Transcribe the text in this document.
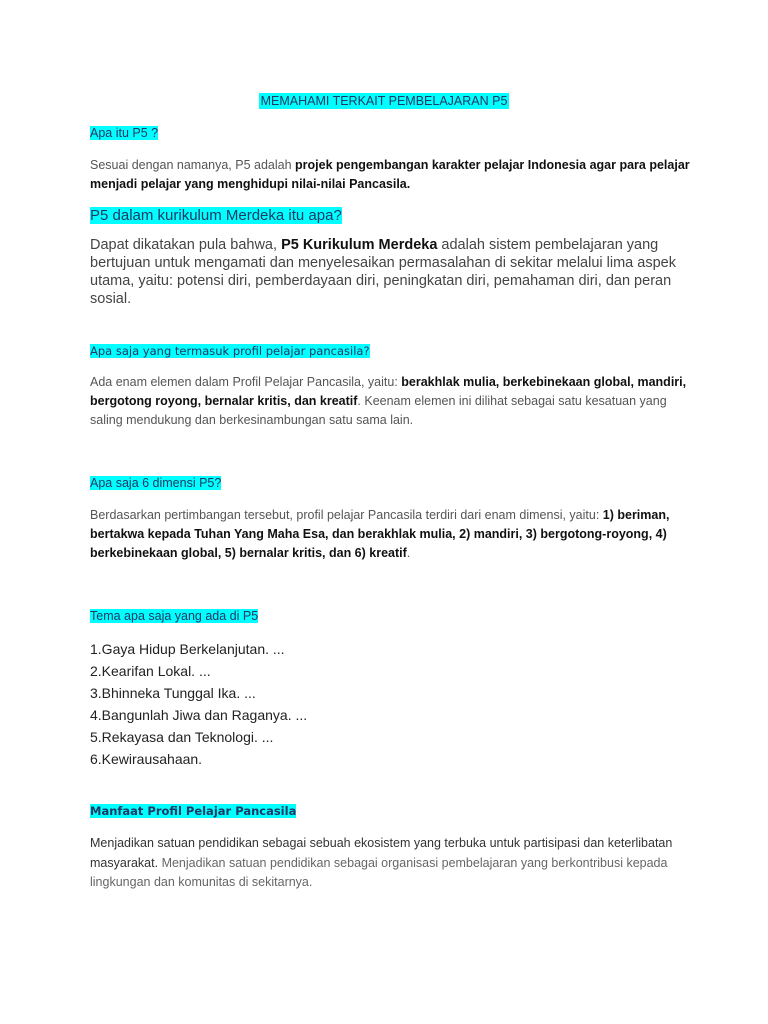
MEMAHAMI TERKAIT PEMBELAJARAN P5
Apa itu P5 ?
Sesuai dengan namanya, P5 adalah projek pengembangan karakter pelajar Indonesia agar para pelajar menjadi pelajar yang menghidupi nilai-nilai Pancasila.
P5 dalam kurikulum Merdeka itu apa?
Dapat dikatakan pula bahwa, P5 Kurikulum Merdeka adalah sistem pembelajaran yang bertujuan untuk mengamati dan menyelesaikan permasalahan di sekitar melalui lima aspek utama, yaitu: potensi diri, pemberdayaan diri, peningkatan diri, pemahaman diri, dan peran sosial.
Apa saja yang termasuk profil pelajar pancasila?
Ada enam elemen dalam Profil Pelajar Pancasila, yaitu: berakhlak mulia, berkebinekaan global, mandiri, bergotong royong, bernalar kritis, dan kreatif. Keenam elemen ini dilihat sebagai satu kesatuan yang saling mendukung dan berkesinambungan satu sama lain.
Apa saja 6 dimensi P5?
Berdasarkan pertimbangan tersebut, profil pelajar Pancasila terdiri dari enam dimensi, yaitu: 1) beriman, bertakwa kepada Tuhan Yang Maha Esa, dan berakhlak mulia, 2) mandiri, 3) bergotong-royong, 4) berkebinekaan global, 5) bernalar kritis, dan 6) kreatif.
Tema apa saja yang ada di P5
1.Gaya Hidup Berkelanjutan. ...
2.Kearifan Lokal. ...
3.Bhinneka Tunggal Ika. ...
4.Bangunlah Jiwa dan Raganya. ...
5.Rekayasa dan Teknologi. ...
6.Kewirausahaan.
Manfaat Profil Pelajar Pancasila
Menjadikan satuan pendidikan sebagai sebuah ekosistem yang terbuka untuk partisipasi dan keterlibatan masyarakat. Menjadikan satuan pendidikan sebagai organisasi pembelajaran yang berkontribusi kepada lingkungan dan komunitas di sekitarnya.
